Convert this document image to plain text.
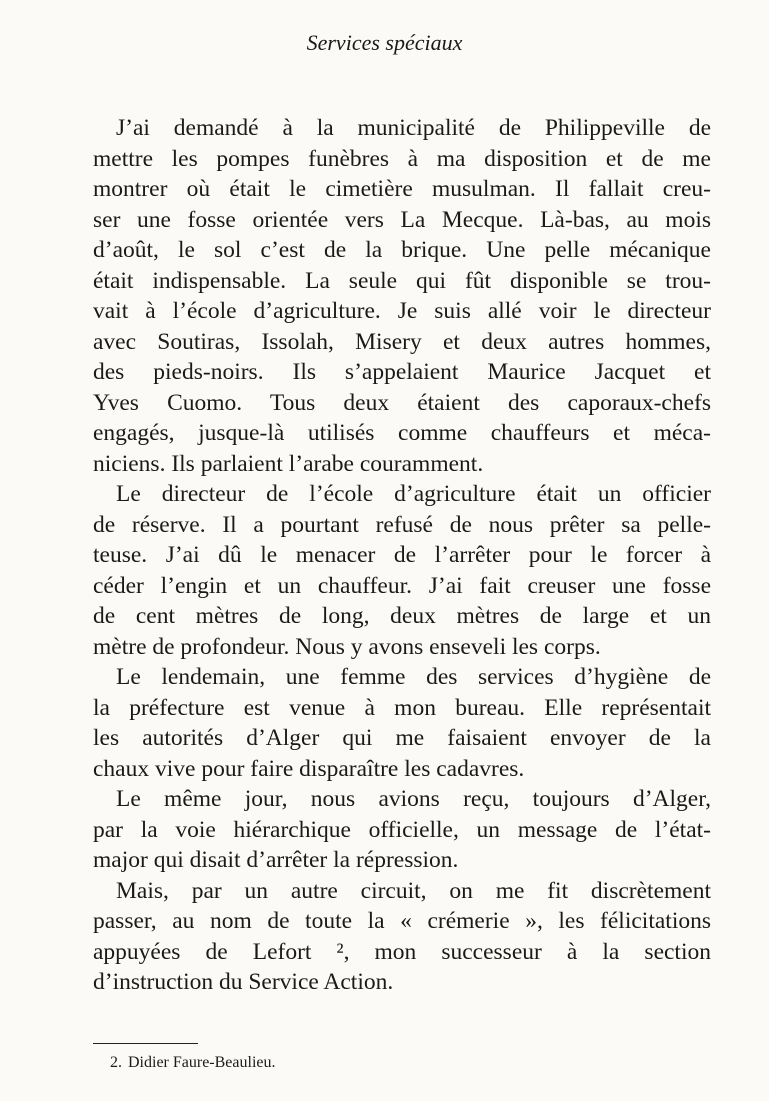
Services spéciaux
J’ai demandé à la municipalité de Philippeville de
mettre les pompes funèbres à ma disposition et de me
montrer où était le cimetière musulman. Il fallait creu-
ser une fosse orientée vers La Mecque. Là-bas, au mois
d’août, le sol c’est de la brique. Une pelle mécanique
était indispensable. La seule qui fût disponible se trou-
vait à l’école d’agriculture. Je suis allé voir le directeur
avec Soutiras, Issolah, Misery et deux autres hommes,
des pieds-noirs. Ils s’appelaient Maurice Jacquet et
Yves Cuomo. Tous deux étaient des caporaux-chefs
engagés, jusque-là utilisés comme chauffeurs et méca-
niciens. Ils parlaient l’arabe couramment.
Le directeur de l’école d’agriculture était un officier
de réserve. Il a pourtant refusé de nous prêter sa pelle-
teuse. J’ai dû le menacer de l’arrêter pour le forcer à
céder l’engin et un chauffeur. J’ai fait creuser une fosse
de cent mètres de long, deux mètres de large et un
mètre de profondeur. Nous y avons enseveli les corps.
Le lendemain, une femme des services d’hygiène de
la préfecture est venue à mon bureau. Elle représentait
les autorités d’Alger qui me faisaient envoyer de la
chaux vive pour faire disparaître les cadavres.
Le même jour, nous avions reçu, toujours d’Alger,
par la voie hiérarchique officielle, un message de l’état-
major qui disait d’arrêter la répression.
Mais, par un autre circuit, on me fit discrètement
passer, au nom de toute la « crémerie », les félicitations
appuyées de Lefort ², mon successeur à la section
d’instruction du Service Action.
2. Didier Faure-Beaulieu.
